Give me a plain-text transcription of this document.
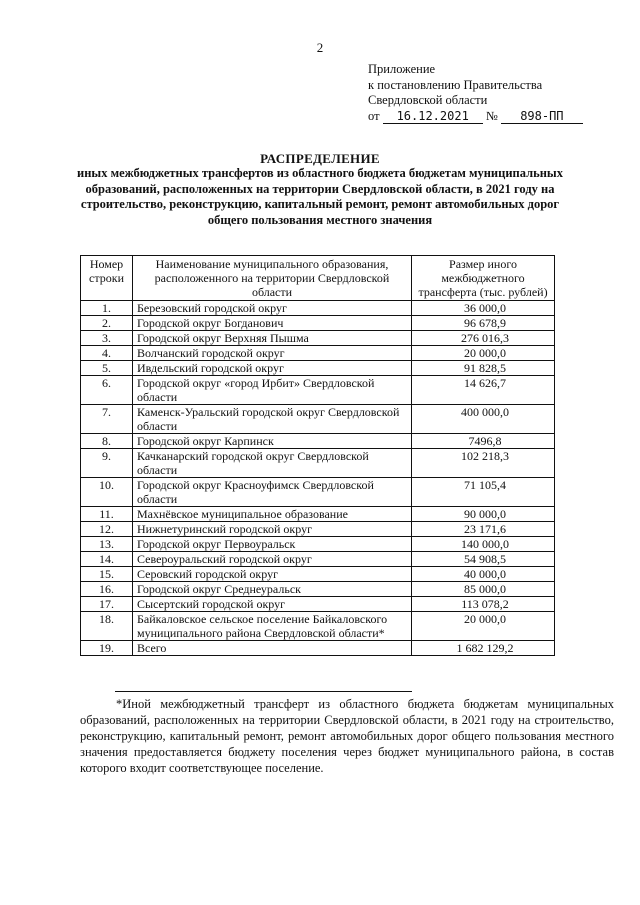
2
Приложение
к постановлению Правительства
Свердловской области
от 16.12.2021 № 898-ПП
РАСПРЕДЕЛЕНИЕ
иных межбюджетных трансфертов из областного бюджета бюджетам муниципальных образований, расположенных на территории Свердловской области, в 2021 году на строительство, реконструкцию, капитальный ремонт, ремонт автомобильных дорог общего пользования местного значения
Номер строки	Наименование муниципального образования, расположенного на территории Свердловской области	Размер иного межбюджетного трансферта (тыс. рублей)
1.	Березовский городской округ	36 000,0
2.	Городской округ Богданович	96 678,9
3.	Городской округ Верхняя Пышма	276 016,3
4.	Волчанский городской округ	20 000,0
5.	Ивдельский городской округ	91 828,5
6.	Городской округ «город Ирбит» Свердловской области	14 626,7
7.	Каменск-Уральский городской округ Свердловской области	400 000,0
8.	Городской округ Карпинск	7496,8
9.	Качканарский городской округ Свердловской области	102 218,3
10.	Городской округ Красноуфимск Свердловской области	71 105,4
11.	Махнёвское муниципальное образование	90 000,0
12.	Нижнетуринский городской округ	23 171,6
13.	Городской округ Первоуральск	140 000,0
14.	Североуральский городской округ	54 908,5
15.	Серовский городской округ	40 000,0
16.	Городской округ Среднеуральск	85 000,0
17.	Сысертский городской округ	113 078,2
18.	Байкаловское сельское поселение Байкаловского муниципального района Свердловской области*	20 000,0
19.	Всего	1 682 129,2
*Иной межбюджетный трансферт из областного бюджета бюджетам муниципальных образований, расположенных на территории Свердловской области, в 2021 году на строительство, реконструкцию, капитальный ремонт, ремонт автомобильных дорог общего пользования местного значения предоставляется бюджету поселения через бюджет муниципального района, в состав которого входит соответствующее поселение.
